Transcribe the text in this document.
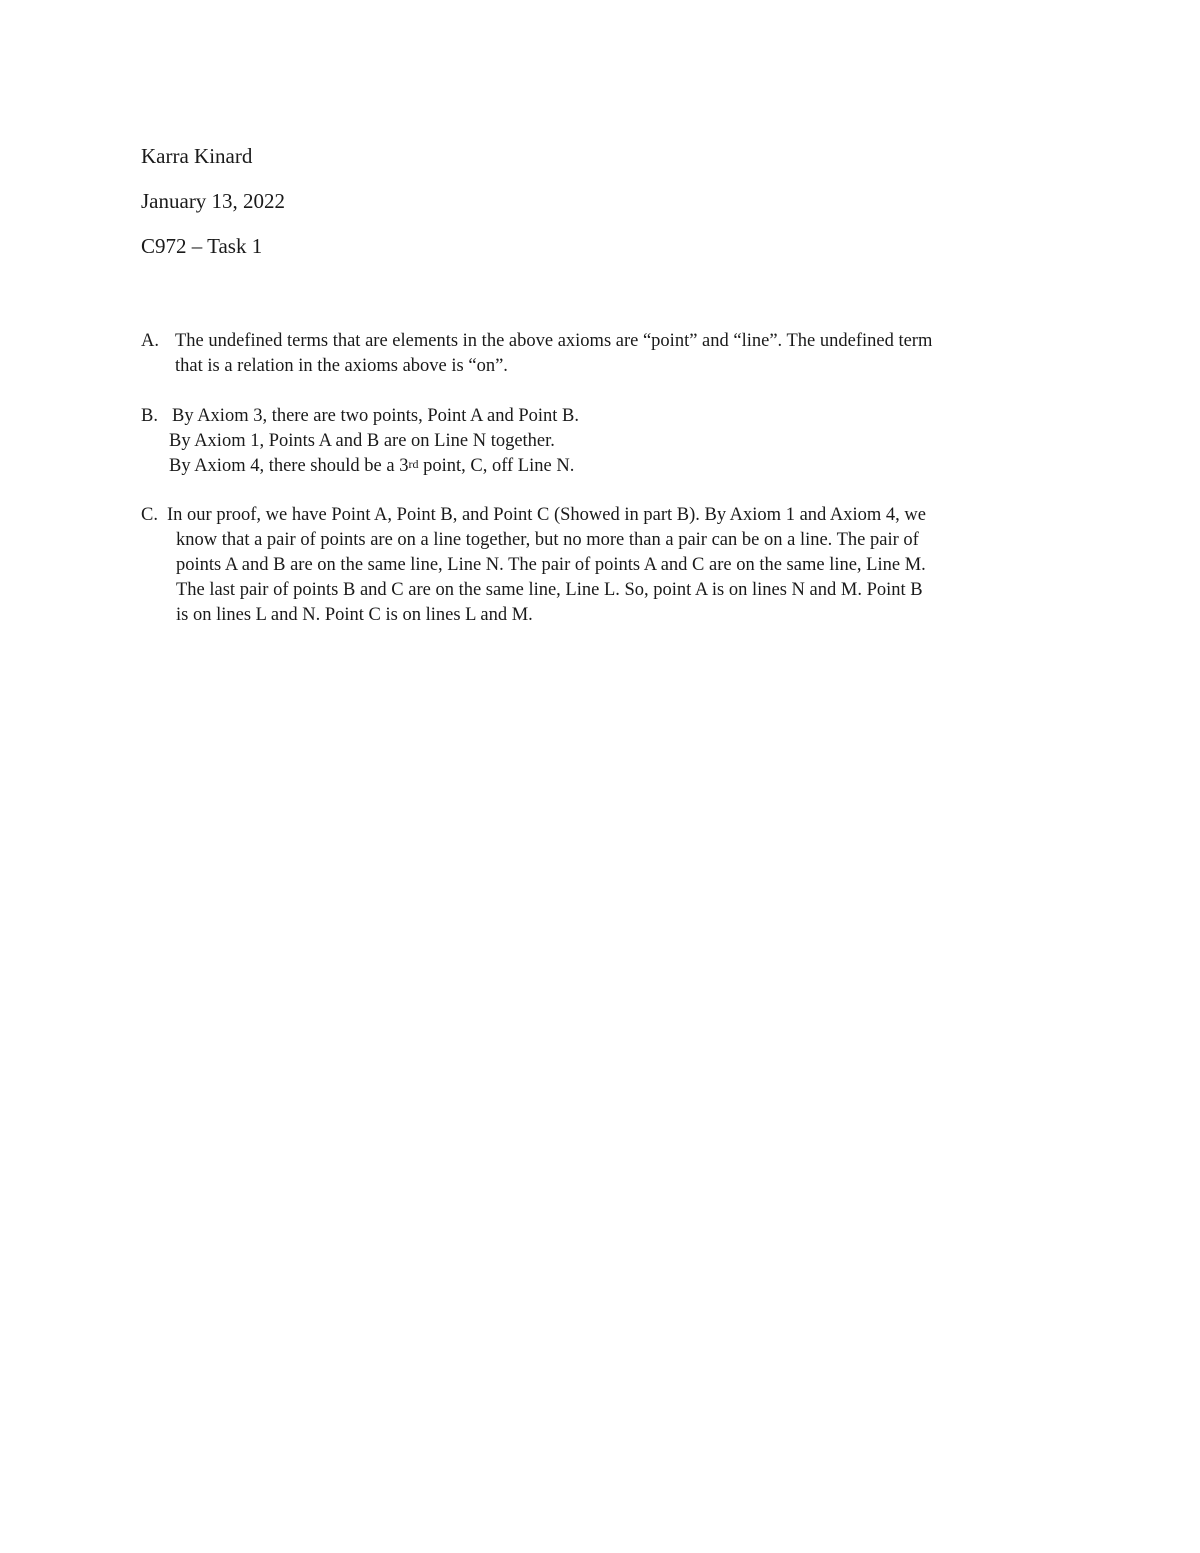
Karra Kinard
January 13, 2022
C972 – Task 1
A. The undefined terms that are elements in the above axioms are “point” and “line”. The undefined term
that is a relation in the axioms above is “on”.
B. By Axiom 3, there are two points, Point A and Point B.
By Axiom 1, Points A and B are on Line N together.
By Axiom 4, there should be a 3rd point, C, off Line N.
C. In our proof, we have Point A, Point B, and Point C (Showed in part B). By Axiom 1 and Axiom 4, we
know that a pair of points are on a line together, but no more than a pair can be on a line. The pair of
points A and B are on the same line, Line N. The pair of points A and C are on the same line, Line M.
The last pair of points B and C are on the same line, Line L. So, point A is on lines N and M. Point B
is on lines L and N. Point C is on lines L and M.
